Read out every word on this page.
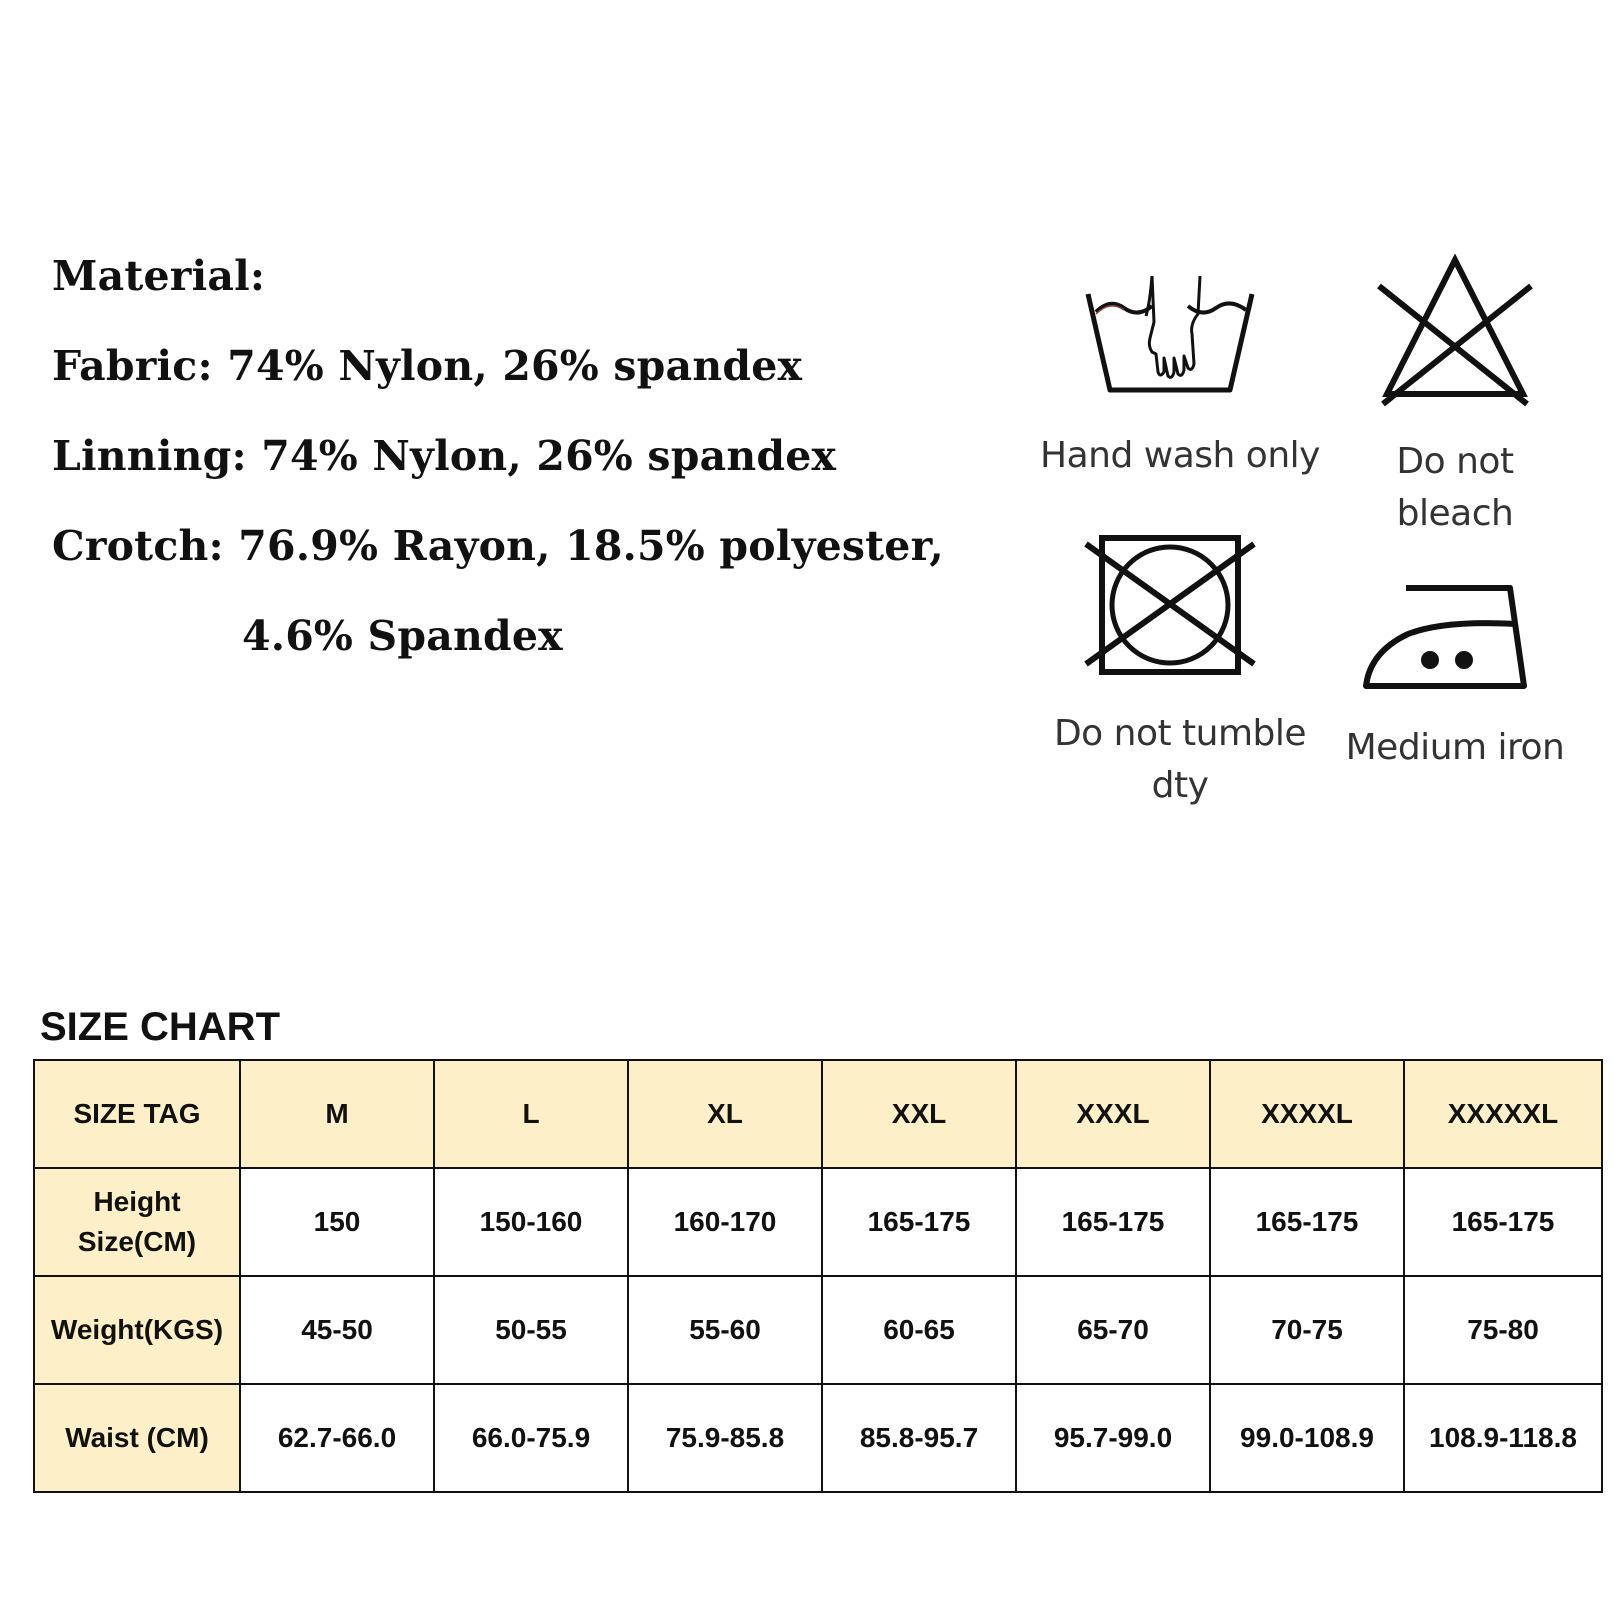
Material:
Fabric: 74% Nylon, 26% spandex
Linning: 74% Nylon, 26% spandex
Crotch: 76.9% Rayon, 18.5% polyester,
4.6% Spandex
Hand wash only	Do not bleach
Do not tumble
dty
Medium iron
SIZE CHART
SIZE TAG	M	L	XL	XXL	XXXL	XXXXL	XXXXXL
Height Size(CM)	150	150-160	160-170	165-175	165-175	165-175	165-175
Weight(KGS)	45-50	50-55	55-60	60-65	65-70	70-75	75-80
Waist (CM)	62.7-66.0	66.0-75.9	75.9-85.8	85.8-95.7	95.7-99.0	99.0-108.9	108.9-118.8
